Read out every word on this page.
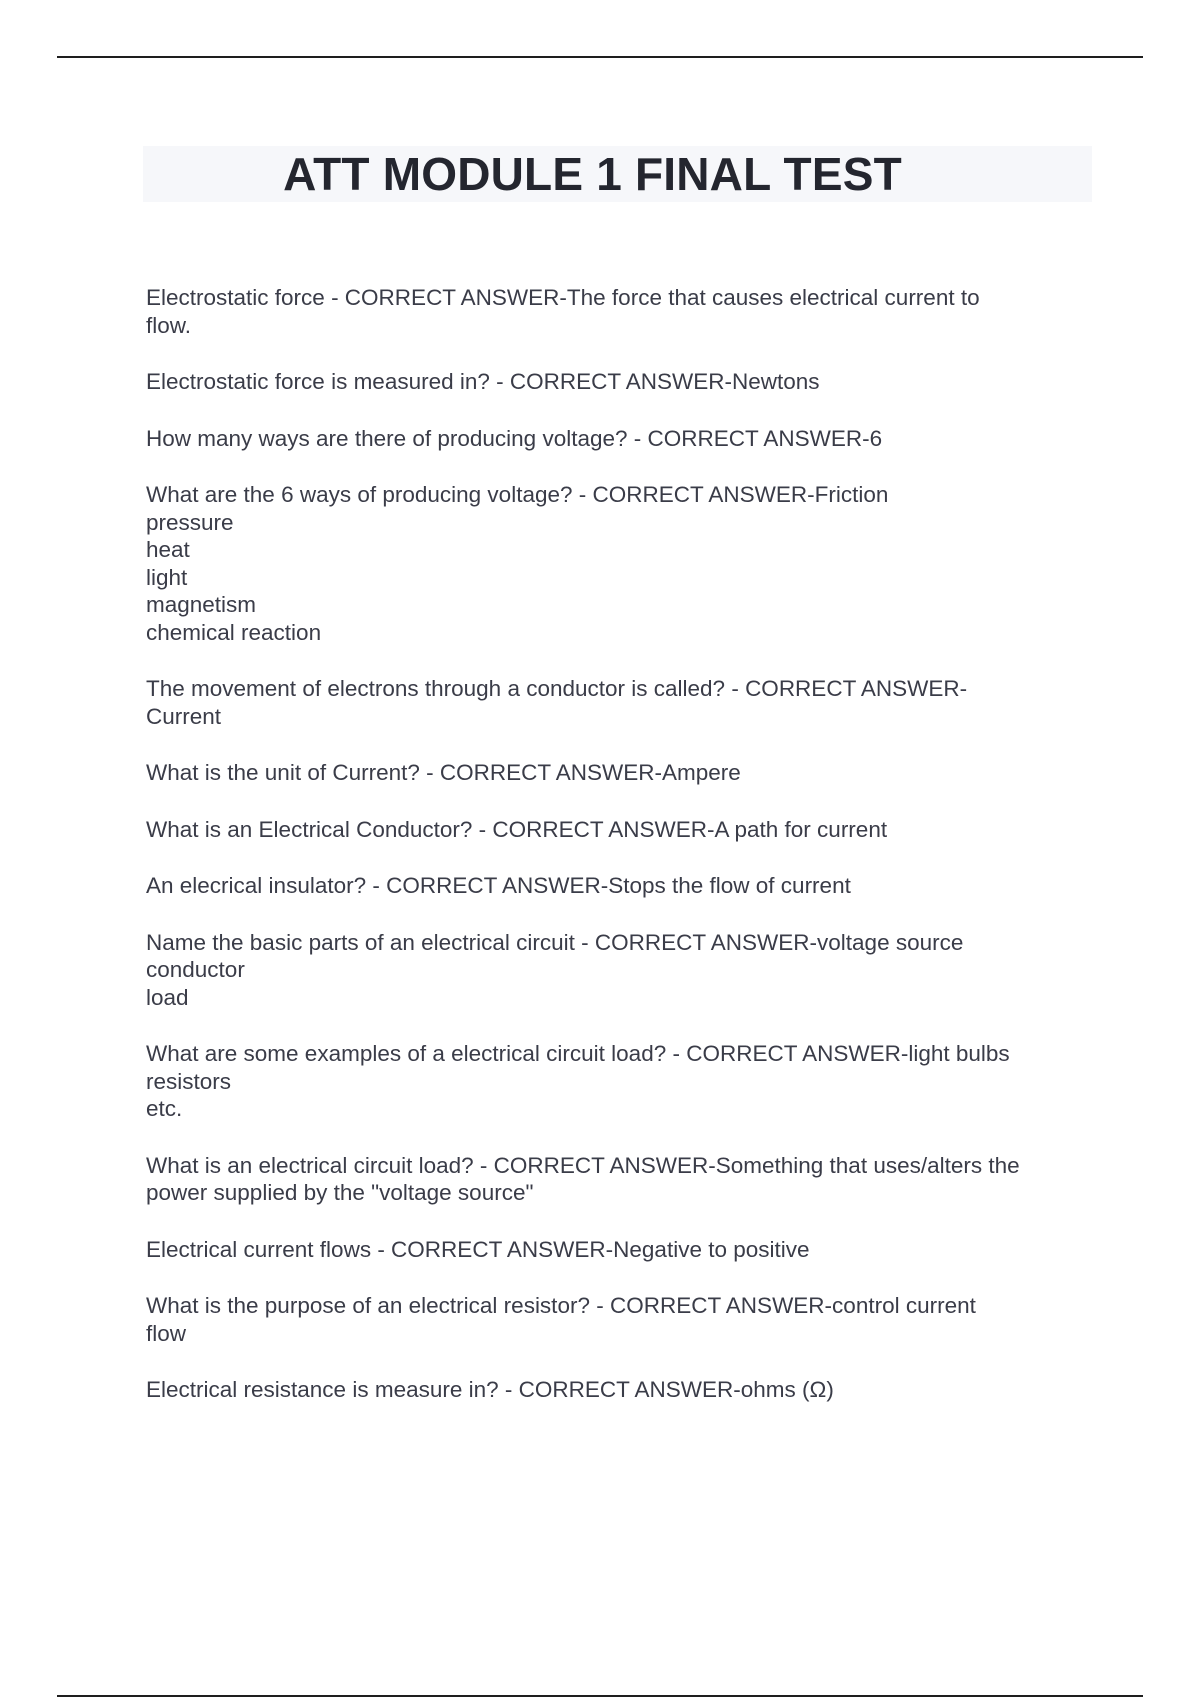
ATT MODULE 1 FINAL TEST

Electrostatic force - CORRECT ANSWER-The force that causes electrical current to
flow.

Electrostatic force is measured in? - CORRECT ANSWER-Newtons

How many ways are there of producing voltage? - CORRECT ANSWER-6

What are the 6 ways of producing voltage? - CORRECT ANSWER-Friction
pressure
heat
light
magnetism
chemical reaction

The movement of electrons through a conductor is called? - CORRECT ANSWER-
Current

What is the unit of Current? - CORRECT ANSWER-Ampere

What is an Electrical Conductor? - CORRECT ANSWER-A path for current

An elecrical insulator? - CORRECT ANSWER-Stops the flow of current

Name the basic parts of an electrical circuit - CORRECT ANSWER-voltage source
conductor
load

What are some examples of a electrical circuit load? - CORRECT ANSWER-light bulbs
resistors
etc.

What is an electrical circuit load? - CORRECT ANSWER-Something that uses/alters the
power supplied by the "voltage source"

Electrical current flows - CORRECT ANSWER-Negative to positive

What is the purpose of an electrical resistor? - CORRECT ANSWER-control current
flow

Electrical resistance is measure in? - CORRECT ANSWER-ohms (Ω)
